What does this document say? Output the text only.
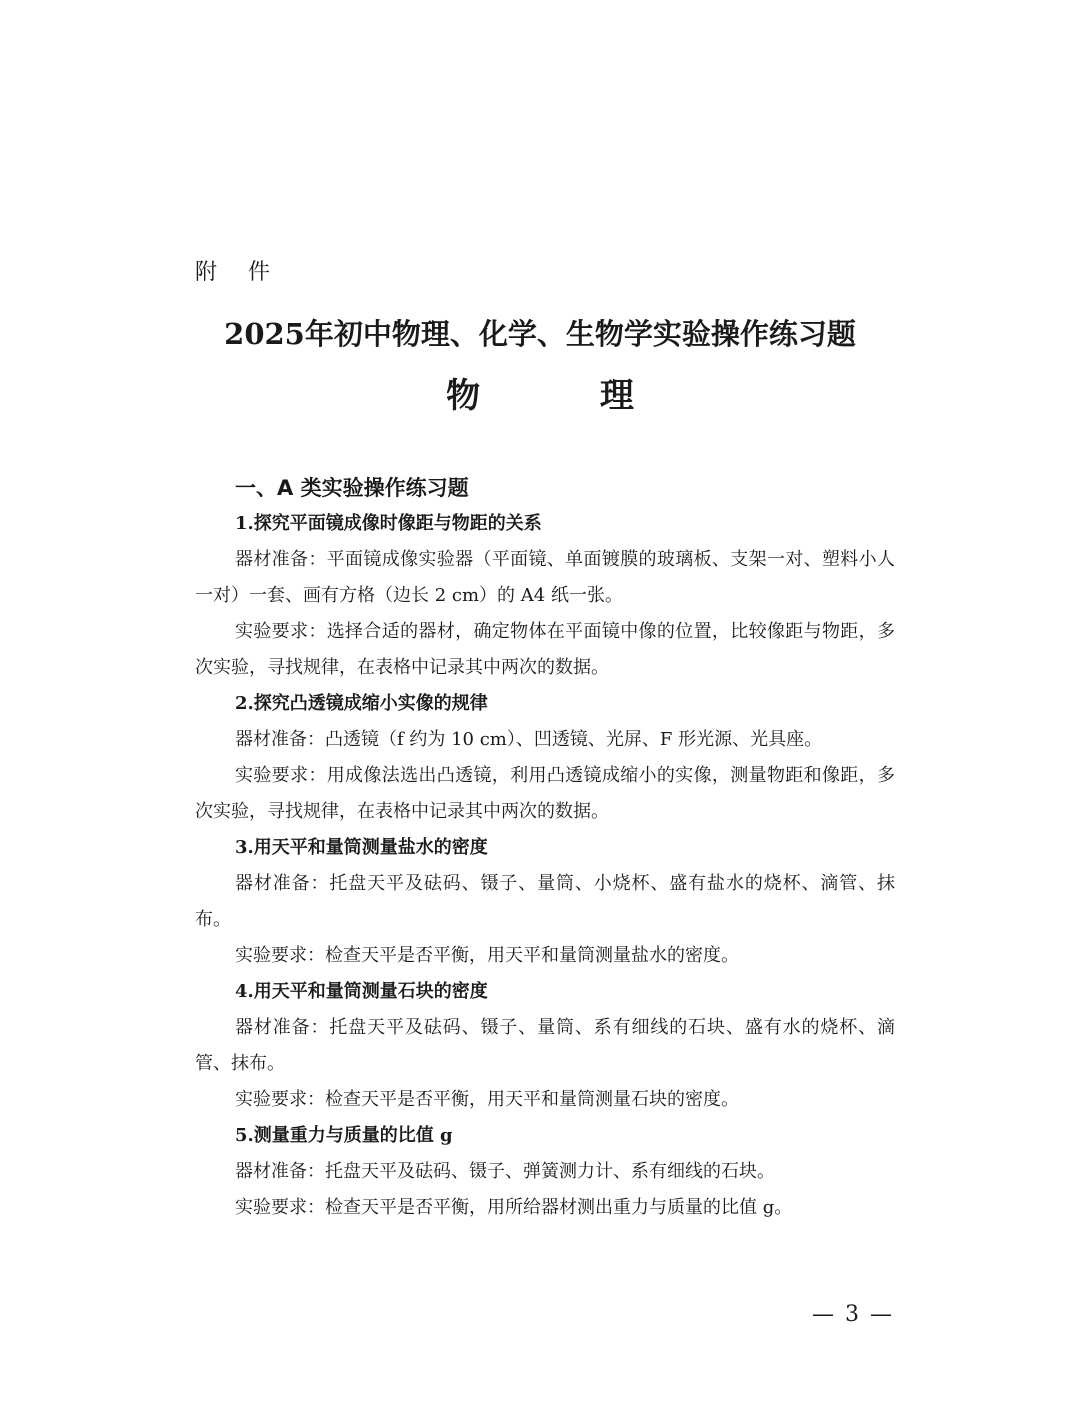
附 件
2025年初中物理、化学、生物学实验操作练习题
物 理
一、A 类实验操作练习题
1.探究平面镜成像时像距与物距的关系

器材准备：平面镜成像实验器（平面镜、单面镀膜的玻璃板、支架一对、塑料小人一对）一套、画有方格（边长 2 cm）的 A4 纸一张。

实验要求：选择合适的器材，确定物体在平面镜中像的位置，比较像距与物距，多次实验，寻找规律，在表格中记录其中两次的数据。

2.探究凸透镜成缩小实像的规律

器材准备：凸透镜（f 约为 10 cm）、凹透镜、光屏、F 形光源、光具座。

实验要求：用成像法选出凸透镜，利用凸透镜成缩小的实像，测量物距和像距，多次实验，寻找规律，在表格中记录其中两次的数据。

3.用天平和量筒测量盐水的密度

器材准备：托盘天平及砝码、镊子、量筒、小烧杯、盛有盐水的烧杯、滴管、抹布。

实验要求：检查天平是否平衡，用天平和量筒测量盐水的密度。

4.用天平和量筒测量石块的密度

器材准备：托盘天平及砝码、镊子、量筒、系有细线的石块、盛有水的烧杯、滴管、抹布。

实验要求：检查天平是否平衡，用天平和量筒测量石块的密度。

5.测量重力与质量的比值 g

器材准备：托盘天平及砝码、镊子、弹簧测力计、系有细线的石块。

实验要求：检查天平是否平衡，用所给器材测出重力与质量的比值 g。

— 3 —
